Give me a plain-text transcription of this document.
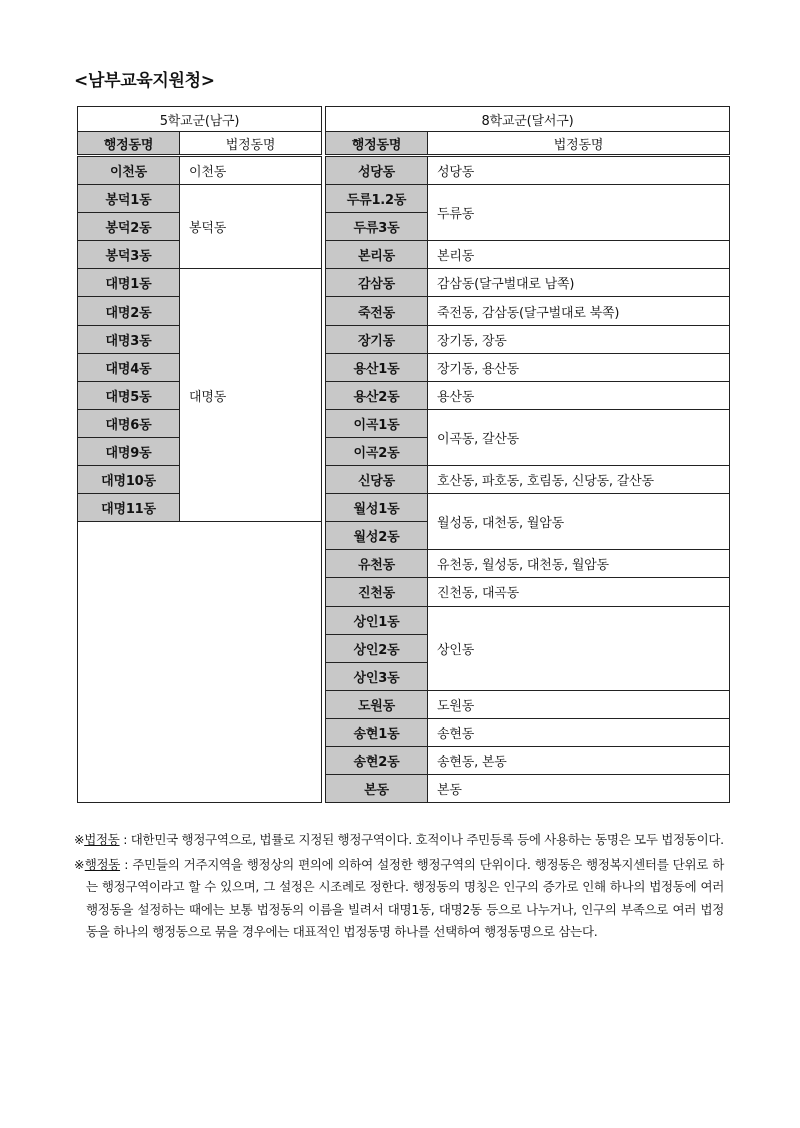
<남부교육지원청>
5학교군(남구)			8학교군(달서구)	
행정동명	법정동명		행정동명	법정동명
이천동	이천동		성당동	성당동
봉덕1동	봉덕동		두류1.2동	두류동
봉덕2동			두류3동	
봉덕3동			본리동	본리동
대명1동	대명동		감삼동	감삼동(달구벌대로 남쪽)
대명2동			죽전동	죽전동, 감삼동(달구벌대로 북쪽)
대명3동			장기동	장기동, 장동
대명4동			용산1동	장기동, 용산동
대명5동			용산2동	용산동
대명6동			이곡1동	이곡동, 갈산동
대명9동			이곡2동	
대명10동			신당동	호산동, 파호동, 호림동, 신당동, 갈산동
대명11동			월성1동	월성동, 대천동, 월암동
			월성2동	
			유천동	유천동, 월성동, 대천동, 월암동
			진천동	진천동, 대곡동
			상인1동	상인동
			상인2동	
			상인3동	
			도원동	도원동
			송현1동	송현동
			송현2동	송현동, 본동
			본동	본동

※법정동 : 대한민국 행정구역으로, 법률로 지정된 행정구역이다. 호적이나 주민등록 등에 사용하는 동명은 모두 법정동이다.

※행정동 : 주민들의 거주지역을 행정상의 편의에 의하여 설정한 행정구역의 단위이다. 행정동은 행정복지센터를 단위로 하는 행정구역이라고 할 수 있으며, 그 설정은 시조례로 정한다. 행정동의 명칭은 인구의 증가로 인해 하나의 법정동에 여러 행정동을 설정하는 때에는 보통 법정동의 이름을 빌려서 대명1동, 대명2동 등으로 나누거나, 인구의 부족으로 여러 법정동을 하나의 행정동으로 묶을 경우에는 대표적인 법정동명 하나를 선택하여 행정동명으로 삼는다.
